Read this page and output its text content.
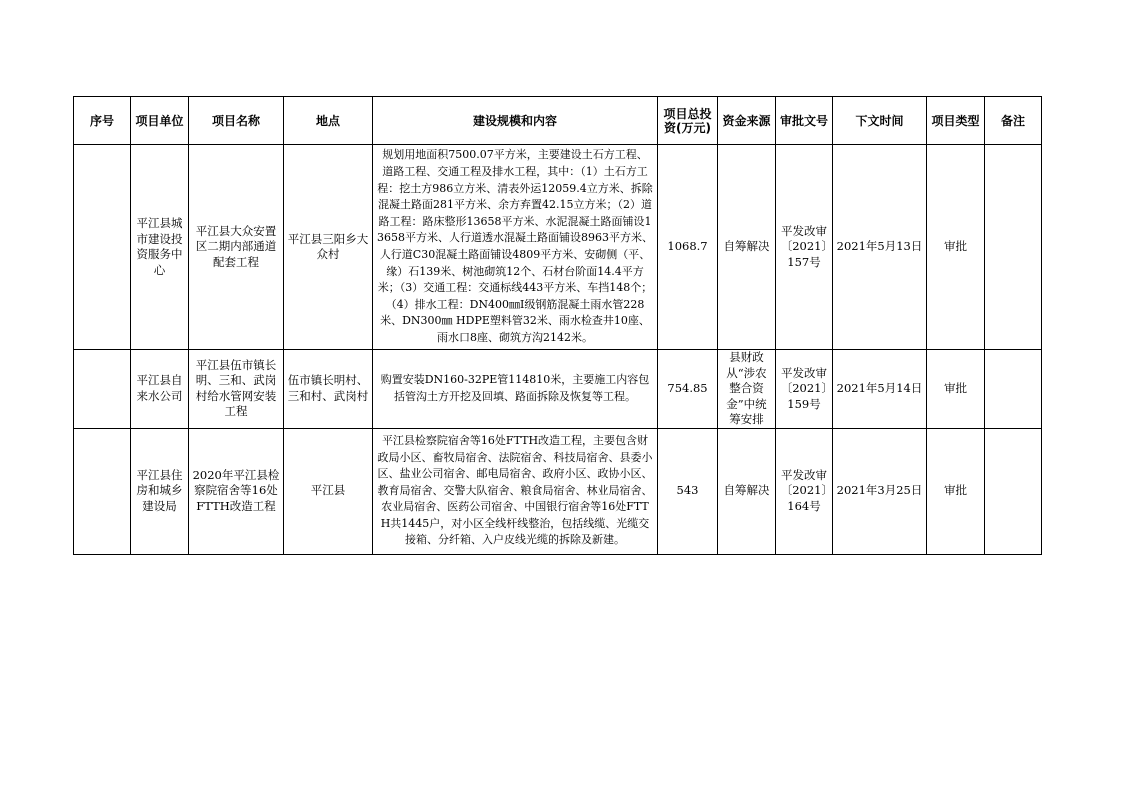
序号	项目单位	项目名称	地点	建设规模和内容	项目总投资(万元)	资金来源	审批文号	下文时间	项目类型	备注
	平江县城市建设投资服务中心	平江县大众安置区二期内部通道配套工程	平江县三阳乡大众村	规划用地面积7500.07平方米，主要建设土石方工程、道路工程、交通工程及排水工程，其中：（1）土石方工程：挖土方986立方米、清表外运12059.4立方米、拆除混凝土路面281平方米、余方弃置42.15立方米；（2）道路工程：路床整形13658平方米、水泥混凝土路面铺设13658平方米、人行道透水混凝土路面铺设8963平方米、人行道C30混凝土路面铺设4809平方米、安砌侧（平、缘）石139米、树池砌筑12个、石材台阶面14.4平方米；（3）交通工程：交通标线443平方米、车挡148个；（4）排水工程：DN400㎜Ⅰ级钢筋混凝土雨水管228米、DN300㎜ HDPE塑料管32米、雨水检查井10座、雨水口8座、砌筑方沟2142米。	1068.7	自筹解决	平发改审〔2021〕157号	2021年5月13日	审批	
	平江县自来水公司	平江县伍市镇长明、三和、武岗村给水管网安装工程	伍市镇长明村、三和村、武岗村	购置安装DN160-32PE管114810米，主要施工内容包括管沟土方开挖及回填、路面拆除及恢复等工程。	754.85	县财政从“涉农整合资金”中统筹安排	平发改审〔2021〕159号	2021年5月14日	审批	
	平江县住房和城乡建设局	2020年平江县检察院宿舍等16处FTTH改造工程	平江县	平江县检察院宿舍等16处FTTH改造工程，主要包含财政局小区、畜牧局宿舍、法院宿舍、科技局宿舍、县委小区、盐业公司宿舍、邮电局宿舍、政府小区、政协小区、教育局宿舍、交警大队宿舍、粮食局宿舍、林业局宿舍、农业局宿舍、医药公司宿舍、中国银行宿舍等16处FTTH共1445户，对小区全线杆线整治，包括线缆、光缆交接箱、分纤箱、入户皮线光缆的拆除及新建。	543	自筹解决	平发改审〔2021〕164号	2021年3月25日	审批	
